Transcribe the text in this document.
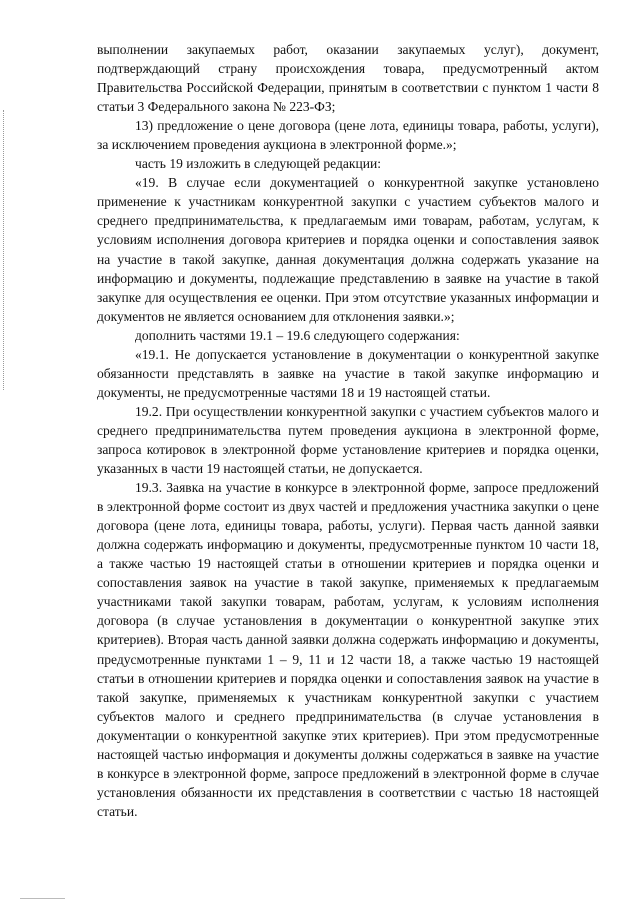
выполнении закупаемых работ, оказании закупаемых услуг), документ, подтверждающий страну происхождения товара, предусмотренный актом Правительства Российской Федерации, принятым в соответствии с пунктом 1 части 8 статьи 3 Федерального закона № 223-ФЗ;

13) предложение о цене договора (цене лота, единицы товара, работы, услуги), за исключением проведения аукциона в электронной форме.»;

часть 19 изложить в следующей редакции:

«19. В случае если документацией о конкурентной закупке установлено применение к участникам конкурентной закупки с участием субъектов малого и среднего предпринимательства, к предлагаемым ими товарам, работам, услугам, к условиям исполнения договора критериев и порядка оценки и сопоставления заявок на участие в такой закупке, данная документация должна содержать указание на информацию и документы, подлежащие представлению в заявке на участие в такой закупке для осуществления ее оценки. При этом отсутствие указанных информации и документов не является основанием для отклонения заявки.»;

дополнить частями 19.1 – 19.6 следующего содержания:

«19.1. Не допускается установление в документации о конкурентной закупке обязанности представлять в заявке на участие в такой закупке информацию и документы, не предусмотренные частями 18 и 19 настоящей статьи.

19.2. При осуществлении конкурентной закупки с участием субъектов малого и среднего предпринимательства путем проведения аукциона в электронной форме, запроса котировок в электронной форме установление критериев и порядка оценки, указанных в части 19 настоящей статьи, не допускается.

19.3. Заявка на участие в конкурсе в электронной форме, запросе предложений в электронной форме состоит из двух частей и предложения участника закупки о цене договора (цене лота, единицы товара, работы, услуги). Первая часть данной заявки должна содержать информацию и документы, предусмотренные пунктом 10 части 18, а также частью 19 настоящей статьи в отношении критериев и порядка оценки и сопоставления заявок на участие в такой закупке, применяемых к предлагаемым участниками такой закупки товарам, работам, услугам, к условиям исполнения договора (в случае установления в документации о конкурентной закупке этих критериев). Вторая часть данной заявки должна содержать информацию и документы, предусмотренные пунктами 1 – 9, 11 и 12 части 18, а также частью 19 настоящей статьи в отношении критериев и порядка оценки и сопоставления заявок на участие в такой закупке, применяемых к участникам конкурентной закупки с участием субъектов малого и среднего предпринимательства (в случае установления в документации о конкурентной закупке этих критериев). При этом предусмотренные настоящей частью информация и документы должны содержаться в заявке на участие в конкурсе в электронной форме, запросе предложений в электронной форме в случае установления обязанности их представления в соответствии с частью 18 настоящей статьи.
